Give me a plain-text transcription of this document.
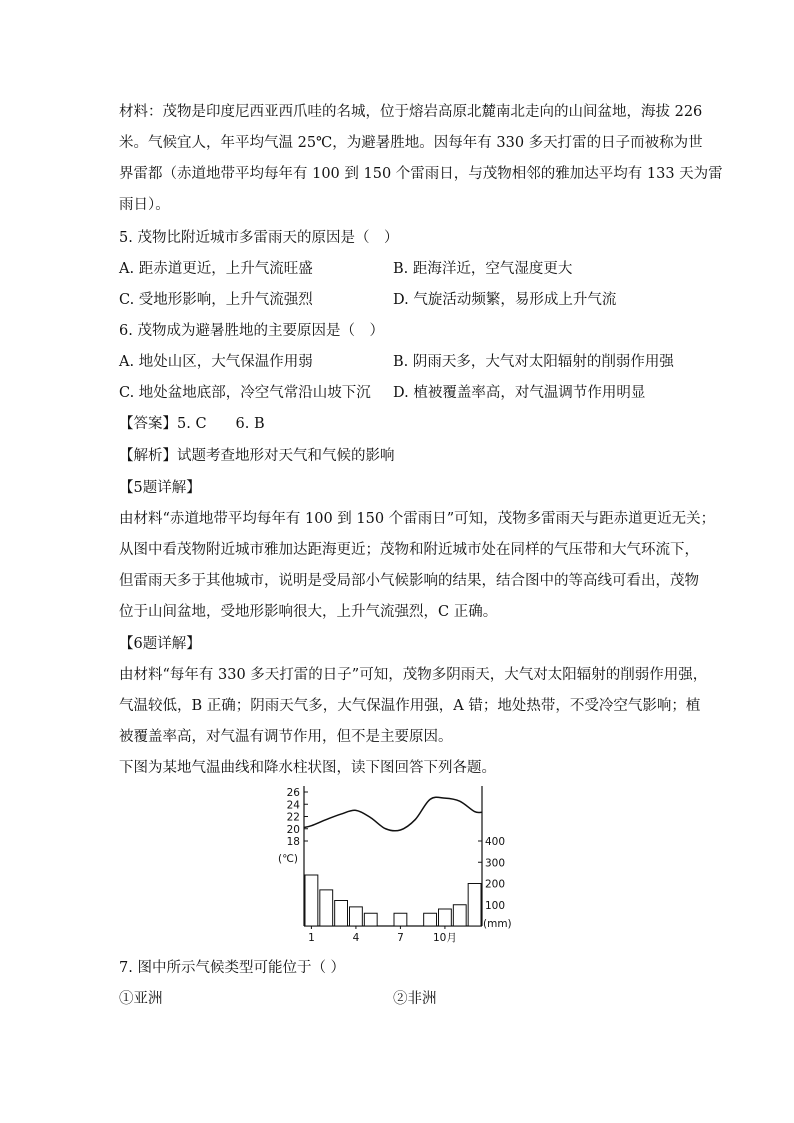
材料：茂物是印度尼西亚西爪哇的名城，位于熔岩高原北麓南北走向的山间盆地，海拔 226
米。气候宜人，年平均气温 25℃，为避暑胜地。因每年有 330 多天打雷的日子而被称为世
界雷都（赤道地带平均每年有 100 到 150 个雷雨日，与茂物相邻的雅加达平均有 133 天为雷
雨日）。
5. 茂物比附近城市多雷雨天的原因是（　）
A. 距赤道更近，上升气流旺盛	B. 距海洋近，空气湿度更大
C. 受地形影响，上升气流强烈	D. 气旋活动频繁，易形成上升气流
6. 茂物成为避暑胜地的主要原因是（　）
A. 地处山区，大气保温作用弱	B. 阴雨天多，大气对太阳辐射的削弱作用强
C. 地处盆地底部，冷空气常沿山坡下沉	D. 植被覆盖率高，对气温调节作用明显
【答案】5. C　　6. B
【解析】试题考查地形对天气和气候的影响
【5题详解】
由材料“赤道地带平均每年有 100 到 150 个雷雨日”可知，茂物多雷雨天与距赤道更近无关；
从图中看茂物附近城市雅加达距海更近；茂物和附近城市处在同样的气压带和大气环流下，
但雷雨天多于其他城市，说明是受局部小气候影响的结果，结合图中的等高线可看出，茂物
位于山间盆地，受地形影响很大，上升气流强烈，C 正确。
【6题详解】
由材料“每年有 330 多天打雷的日子”可知，茂物多阴雨天，大气对太阳辐射的削弱作用强，
气温较低，B 正确；阴雨天气多，大气保温作用强，A 错；地处热带，不受冷空气影响；植
被覆盖率高，对气温有调节作用，但不是主要原因。
下图为某地气温曲线和降水柱状图，读下图回答下列各题。
26
24
22
20
18
(℃)
400
300
200
100
(mm)
1	4	7	10月
7. 图中所示气候类型可能位于（ ）
①亚洲	②非洲
